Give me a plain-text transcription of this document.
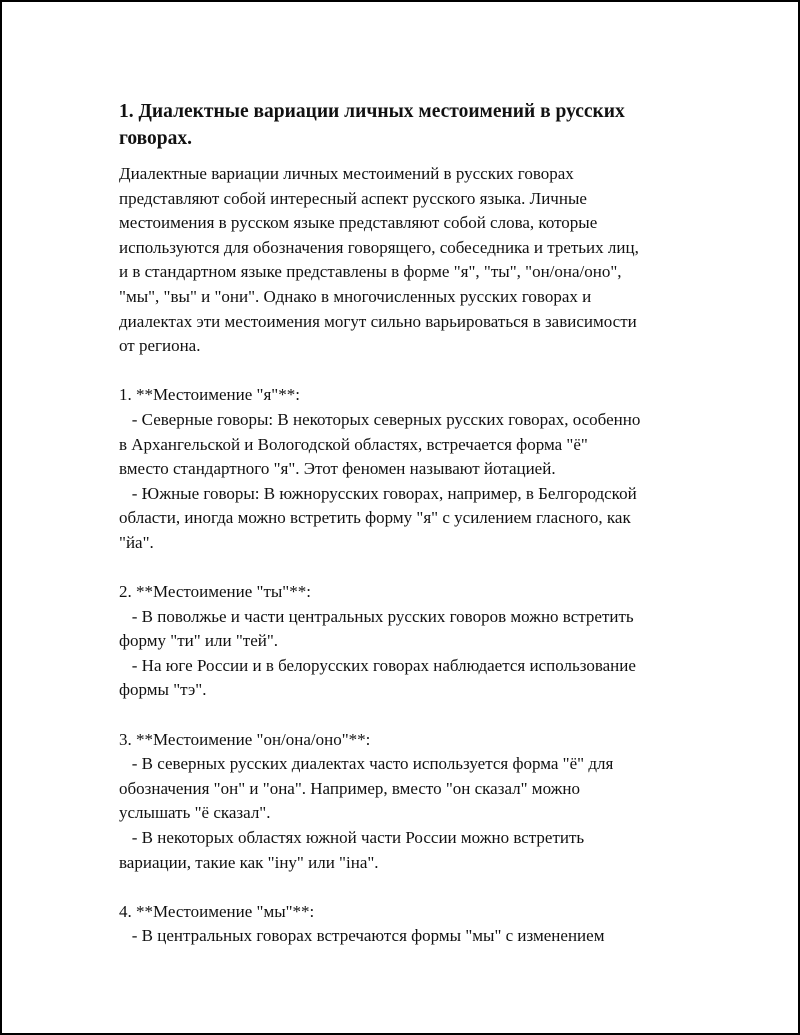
1. Диалектные вариации личных местоимений в русских говорах.

Диалектные вариации личных местоимений в русских говорах
представляют собой интересный аспект русского языка. Личные
местоимения в русском языке представляют собой слова, которые
используются для обозначения говорящего, собеседника и третьих лиц,
и в стандартном языке представлены в форме "я", "ты", "он/она/оно",
"мы", "вы" и "они". Однако в многочисленных русских говорах и
диалектах эти местоимения могут сильно варьироваться в зависимости
от региона.

1. **Местоимение "я"**:
- Северные говоры: В некоторых северных русских говорах, особенно
в Архангельской и Вологодской областях, встречается форма "ё"
вместо стандартного "я". Этот феномен называют йотацией.
- Южные говоры: В южнорусских говорах, например, в Белгородской
области, иногда можно встретить форму "я" с усилением гласного, как
"йа".
2. **Местоимение "ты"**:
- В поволжье и части центральных русских говоров можно встретить
форму "ти" или "тей".
- На юге России и в белорусских говорах наблюдается использование
формы "тэ".
3. **Местоимение "он/она/оно"**:
- В северных русских диалектах часто используется форма "ё" для
обозначения "он" и "она". Например, вместо "он сказал" можно
услышать "ё сказал".
- В некоторых областях южной части России можно встретить
вариации, такие как "іну" или "іна".
4. **Местоимение "мы"**:
- В центральных говорах встречаются формы "мы" с изменением
